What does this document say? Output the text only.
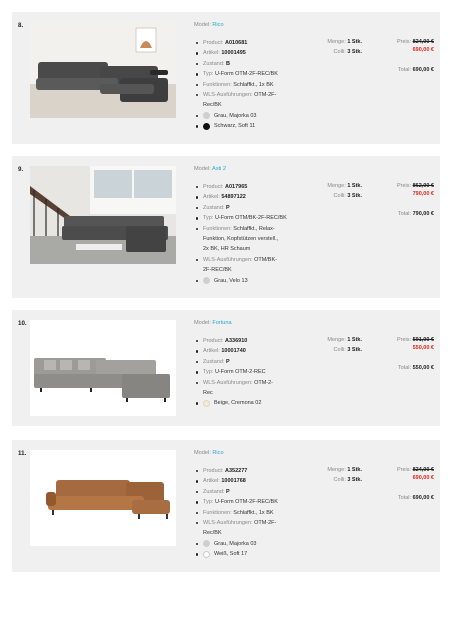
8.	Model: Rico
Product: A010681
Artikel: 10001495
Zustand: B
Typ: U-Form OTM-2F-REC/BK
Funktionen: Schlaffkt., 1x BK
WLS-Ausführungen: OTM-2F-
Rec/BK
Grau, Majorka 03
Schwarz, Soft 11
Menge: 1 Stk.
Colli: 3 Stk.
Preis: 824,00 €
690,00 €
Total: 690,00 €
9.	Model: Asti 2
Product: A017965
Artikel: 54897122
Zustand: P
Typ: U-Form OTM/BK-2F-REC/BK
Funktionen: Schlaffkt., Relax-
Funktion, Kopfstützen verstell.,
2x BK, HR Schaum
WLS-Ausführungen: OTM/BK-
2F-REC/BK
Grau, Velo 13
Menge: 1 Stk.
Colli: 3 Stk.
Preis: 862,00 €
790,00 €
Total: 790,00 €
10.	Model: Fortuna
Product: A336910
Artikel: 10001740
Zustand: P
Typ: U-Form OTM-2-REC
WLS-Ausführungen: OTM-2-
Rec
Beige, Cremona 02
Menge: 1 Stk.
Colli: 3 Stk.
Preis: 591,00 €
550,00 €
Total: 550,00 €
11.	Model: Rico
Product: A352277
Artikel: 10001768
Zustand: P
Typ: U-Form OTM-2F-REC/BK
Funktionen: Schlaffkt., 1x BK
WLS-Ausführungen: OTM-2F-
Rec/BK
Grau, Majorka 03
Weiß, Soft 17
Menge: 1 Stk.
Colli: 3 Stk.
Preis: 824,00 €
690,00 €
Total: 690,00 €
